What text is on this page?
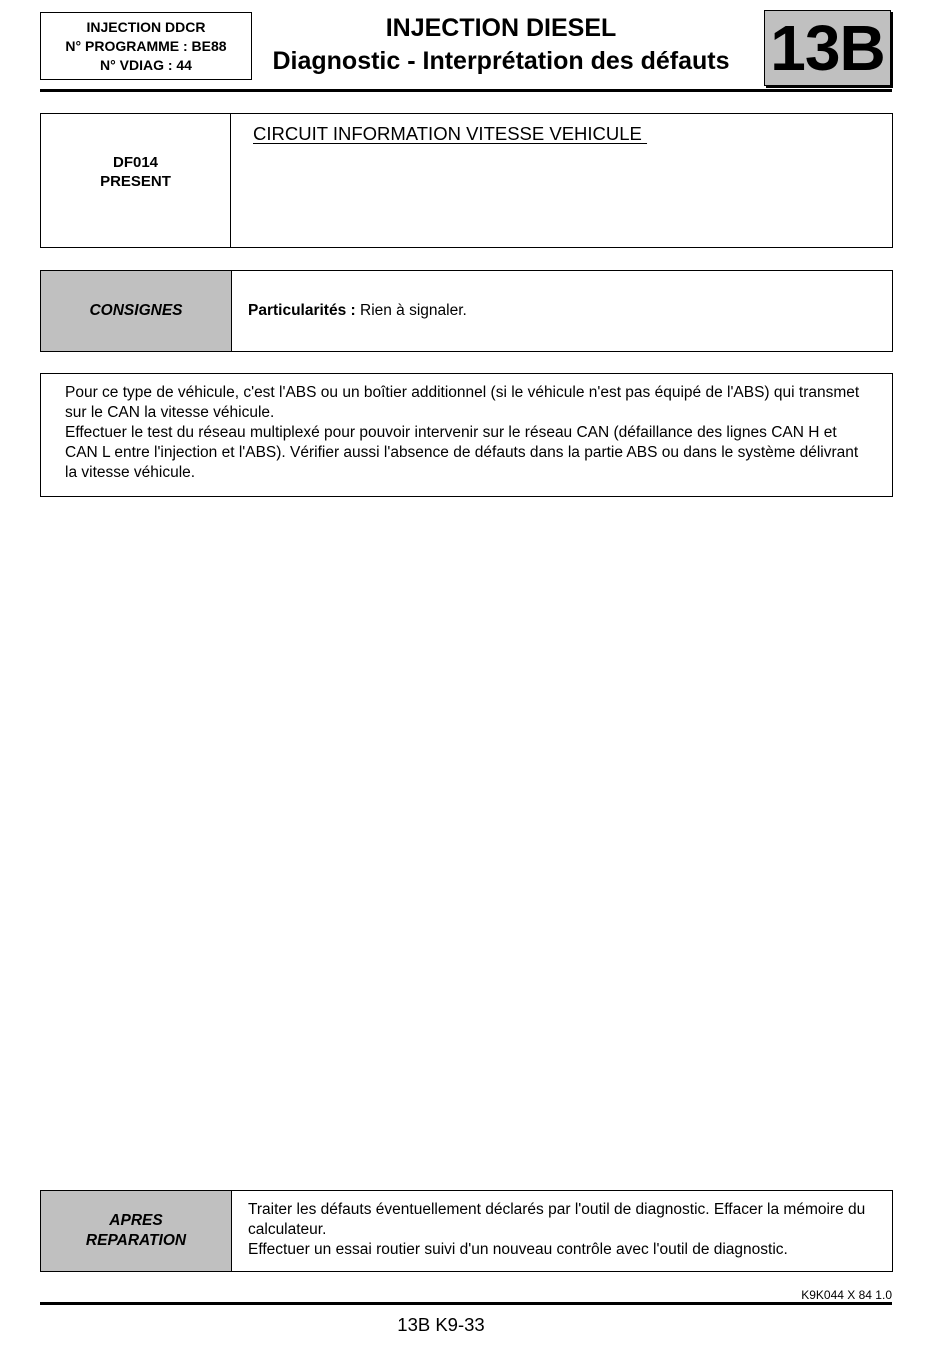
INJECTION DDCR
N° PROGRAMME : BE88
N° VDIAG : 44
INJECTION DIESEL
Diagnostic - Interprétation des défauts 13B
DF014
PRESENT
CIRCUIT INFORMATION VITESSE VEHICULE
CONSIGNES	Particularités : Rien à signaler.

Pour ce type de véhicule, c'est l'ABS ou un boîtier additionnel (si le véhicule n'est pas équipé de l'ABS) qui transmet sur le CAN la vitesse véhicule.

Effectuer le test du réseau multiplexé pour pouvoir intervenir sur le réseau CAN (défaillance des lignes CAN H et CAN L entre l'injection et l'ABS). Vérifier aussi l'absence de défauts dans la partie ABS ou dans le système délivrant la vitesse véhicule.

APRES
REPARATION

Traiter les défauts éventuellement déclarés par l'outil de diagnostic. Effacer la mémoire du calculateur.

Effectuer un essai routier suivi d'un nouveau contrôle avec l'outil de diagnostic.

K9K044 X 84 1.0
13B K9-33
